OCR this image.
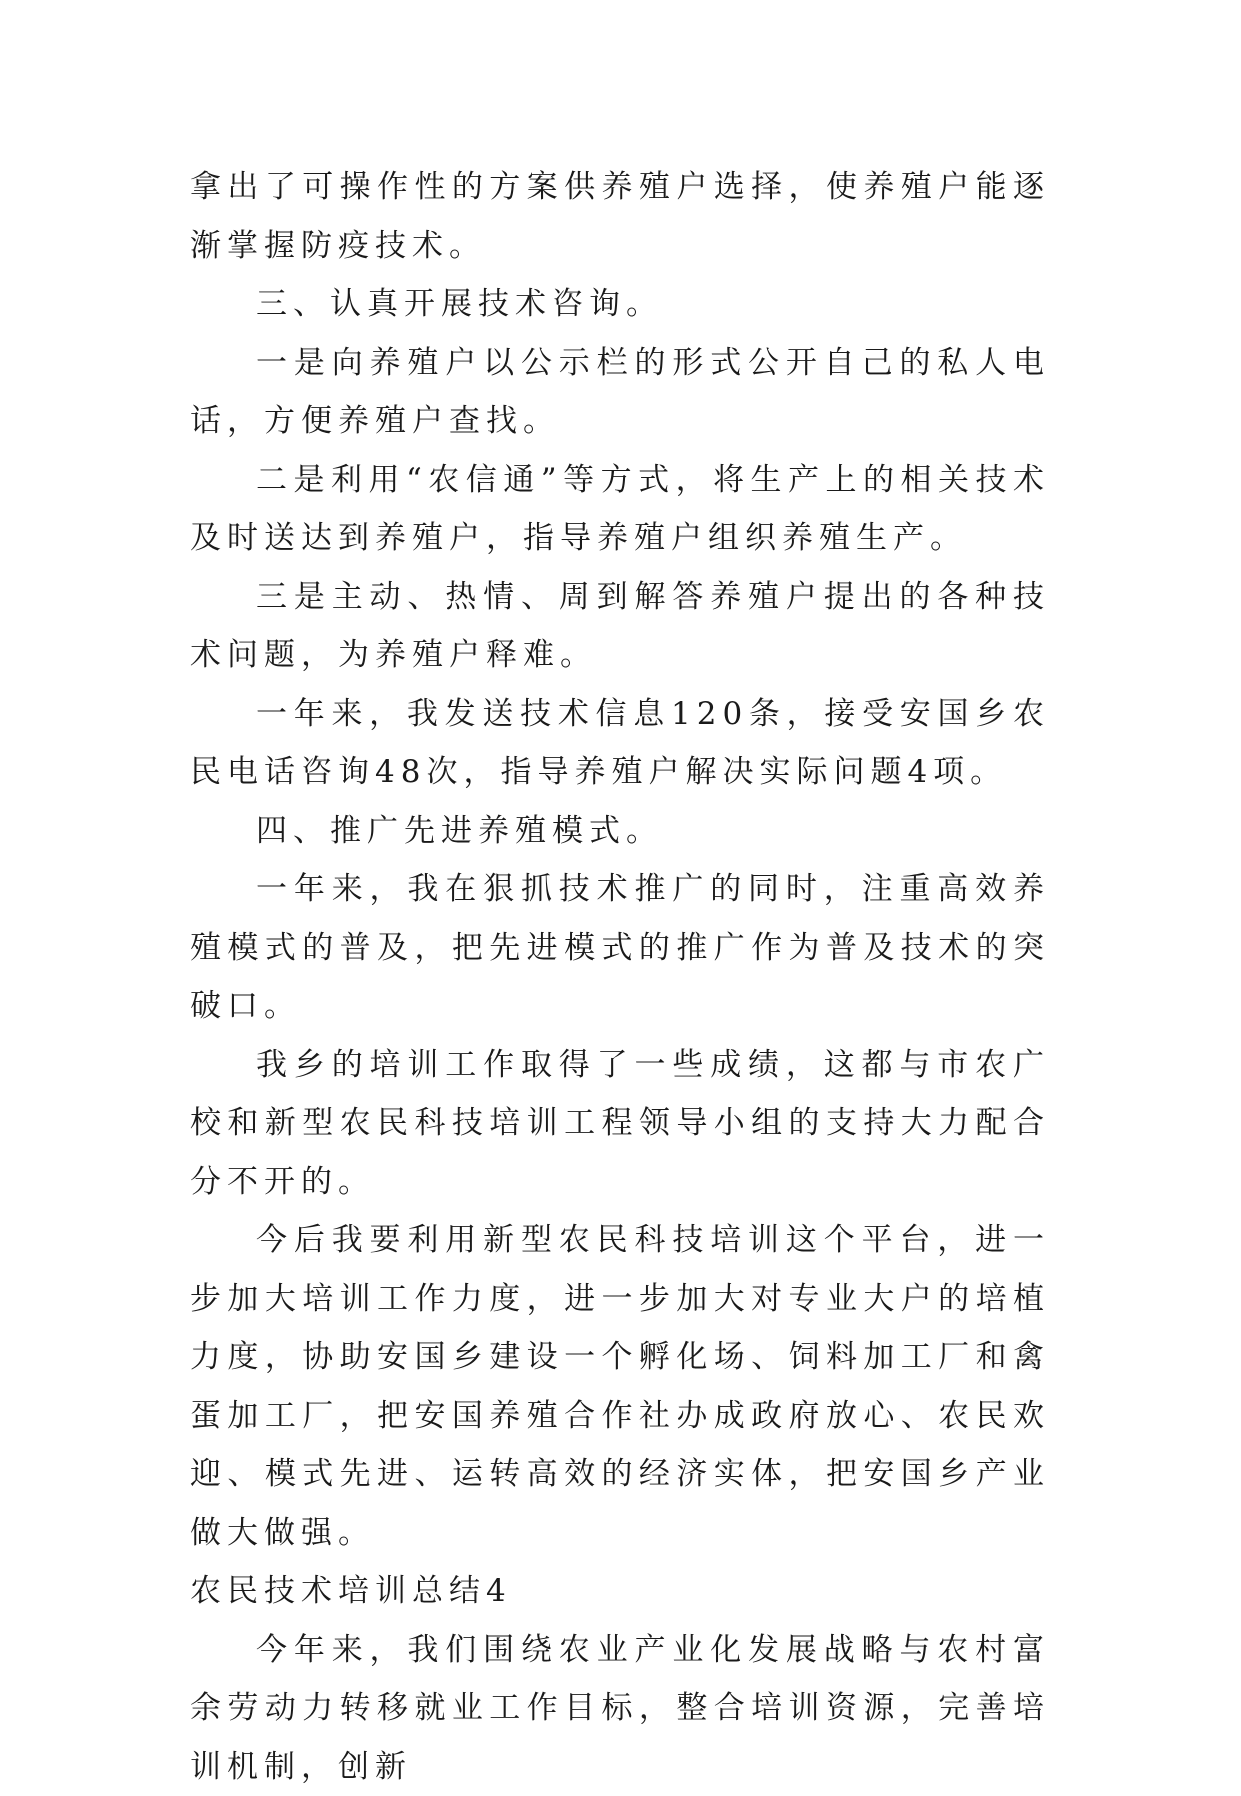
拿出了可操作性的方案供养殖户选择，使养殖户能逐渐掌握防疫技术。

三、认真开展技术咨询。

一是向养殖户以公示栏的形式公开自己的私人电话，方便养殖户查找。

二是利用“农信通”等方式，将生产上的相关技术及时送达到养殖户，指导养殖户组织养殖生产。

三是主动、热情、周到解答养殖户提出的各种技术问题，为养殖户释难。

一年来，我发送技术信息120条，接受安国乡农民电话咨询48次，指导养殖户解决实际问题4项。

四、推广先进养殖模式。

一年来，我在狠抓技术推广的同时，注重高效养殖模式的普及，把先进模式的推广作为普及技术的突破口。

我乡的培训工作取得了一些成绩，这都与市农广校和新型农民科技培训工程领导小组的支持大力配合分不开的。

今后我要利用新型农民科技培训这个平台，进一步加大培训工作力度，进一步加大对专业大户的培植力度，协助安国乡建设一个孵化场、饲料加工厂和禽蛋加工厂，把安国养殖合作社办成政府放心、农民欢迎、模式先进、运转高效的经济实体，把安国乡产业做大做强。

农民技术培训总结4

今年来，我们围绕农业产业化发展战略与农村富余劳动力转移就业工作目标，整合培训资源，完善培训机制，创新
